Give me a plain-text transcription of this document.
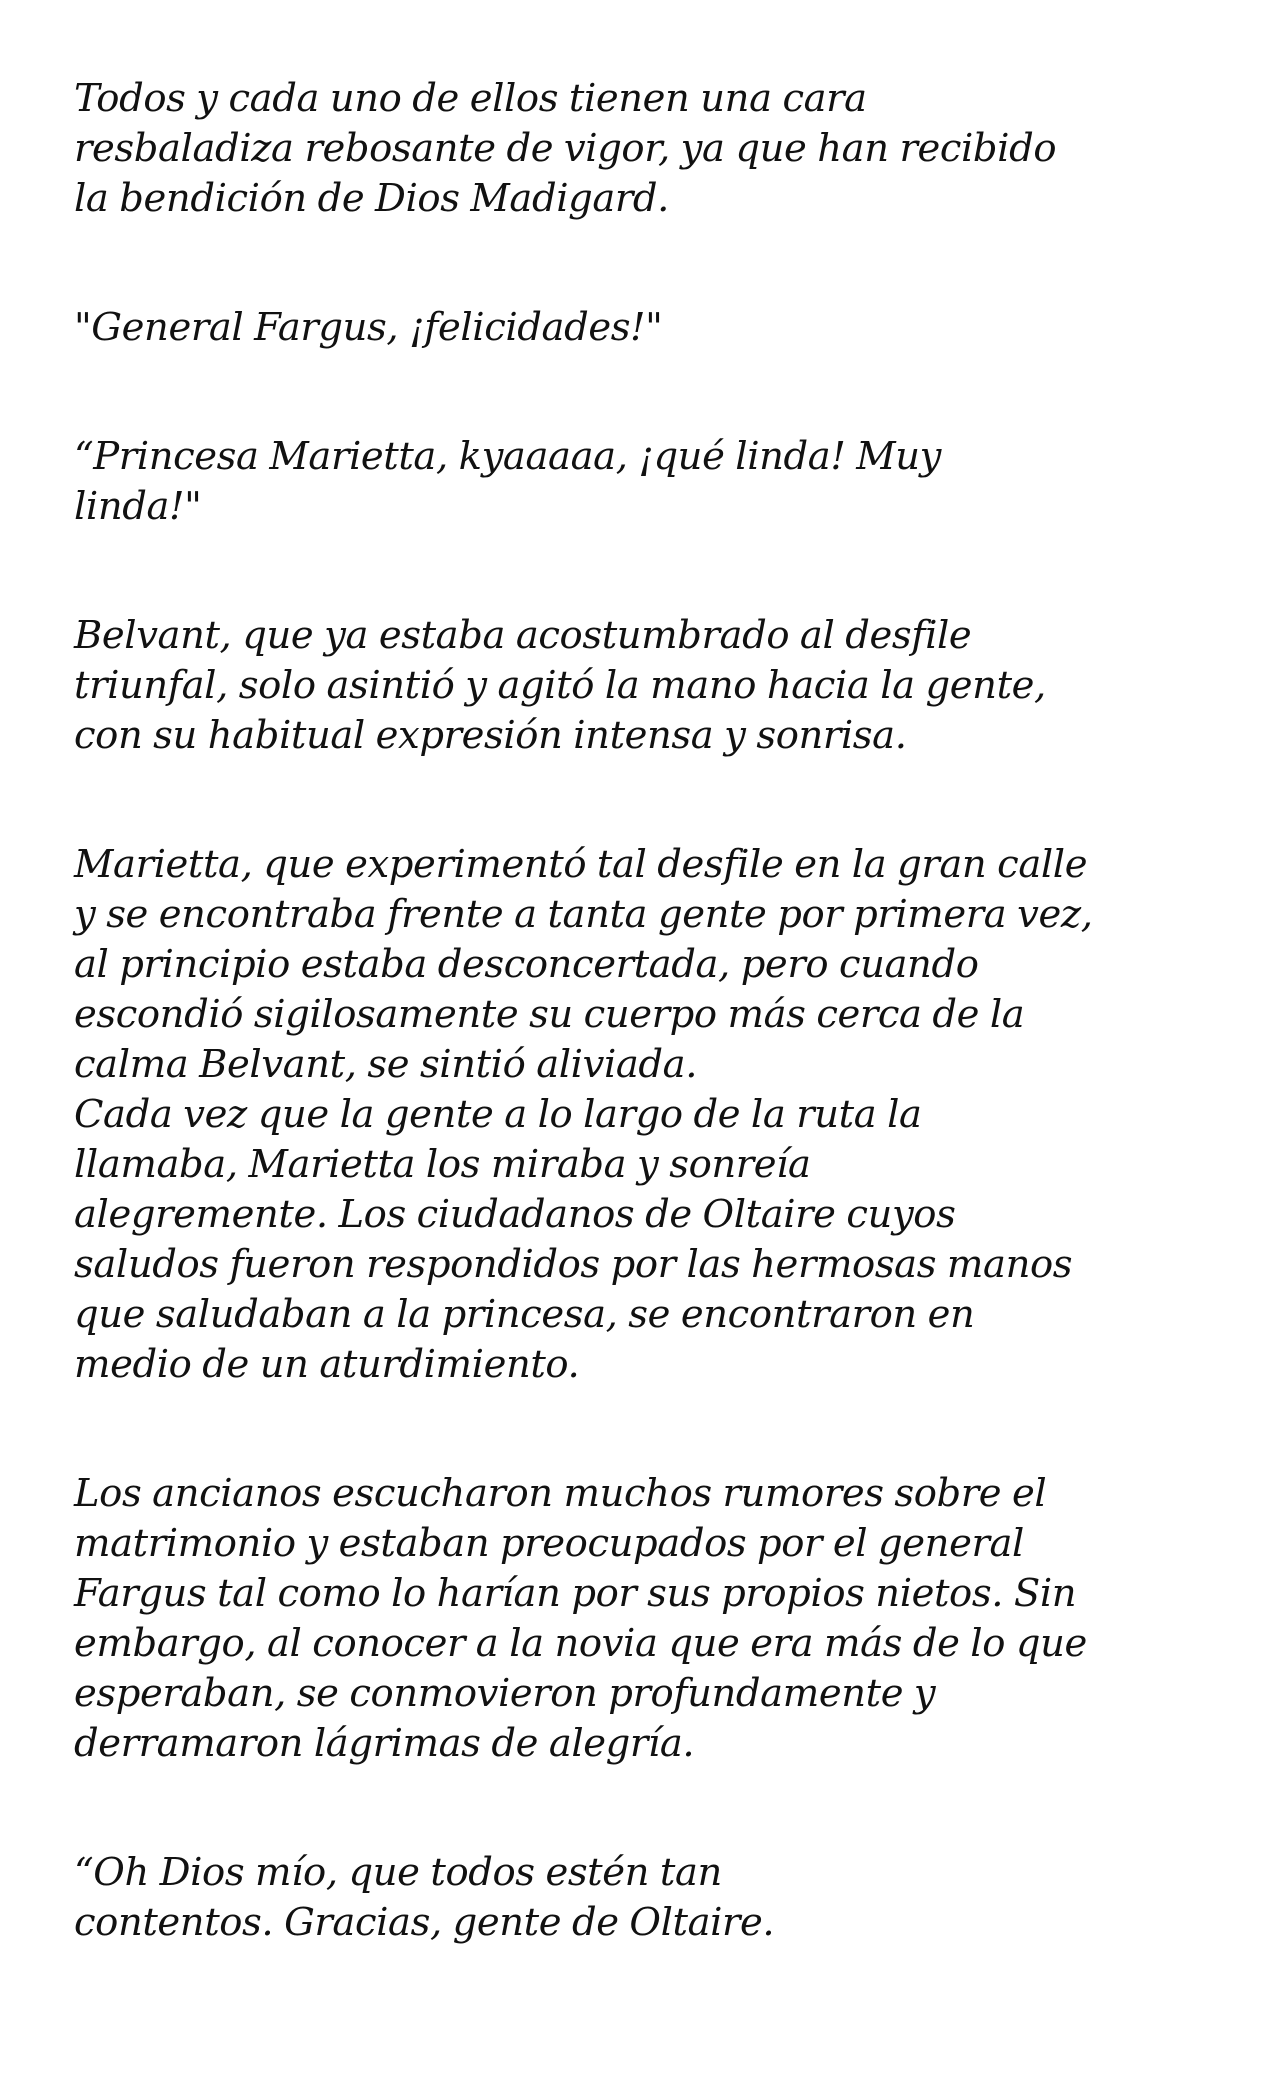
Todos y cada uno de ellos tienen una cara
resbaladiza rebosante de vigor, ya que han recibido
la bendición de Dios Madigard.
"General Fargus, ¡felicidades!"
“Princesa Marietta, kyaaaaa, ¡qué linda! Muy
linda!"
Belvant, que ya estaba acostumbrado al desfile
triunfal, solo asintió y agitó la mano hacia la gente,
con su habitual expresión intensa y sonrisa.
Marietta, que experimentó tal desfile en la gran calle
y se encontraba frente a tanta gente por primera vez,
al principio estaba desconcertada, pero cuando
escondió sigilosamente su cuerpo más cerca de la
calma Belvant, se sintió aliviada.
Cada vez que la gente a lo largo de la ruta la
llamaba, Marietta los miraba y sonreía
alegremente. Los ciudadanos de Oltaire cuyos
saludos fueron respondidos por las hermosas manos
que saludaban a la princesa, se encontraron en
medio de un aturdimiento.
Los ancianos escucharon muchos rumores sobre el
matrimonio y estaban preocupados por el general
Fargus tal como lo harían por sus propios nietos. Sin
embargo, al conocer a la novia que era más de lo que
esperaban, se conmovieron profundamente y
derramaron lágrimas de alegría.
“Oh Dios mío, que todos estén tan
contentos. Gracias, gente de Oltaire.
